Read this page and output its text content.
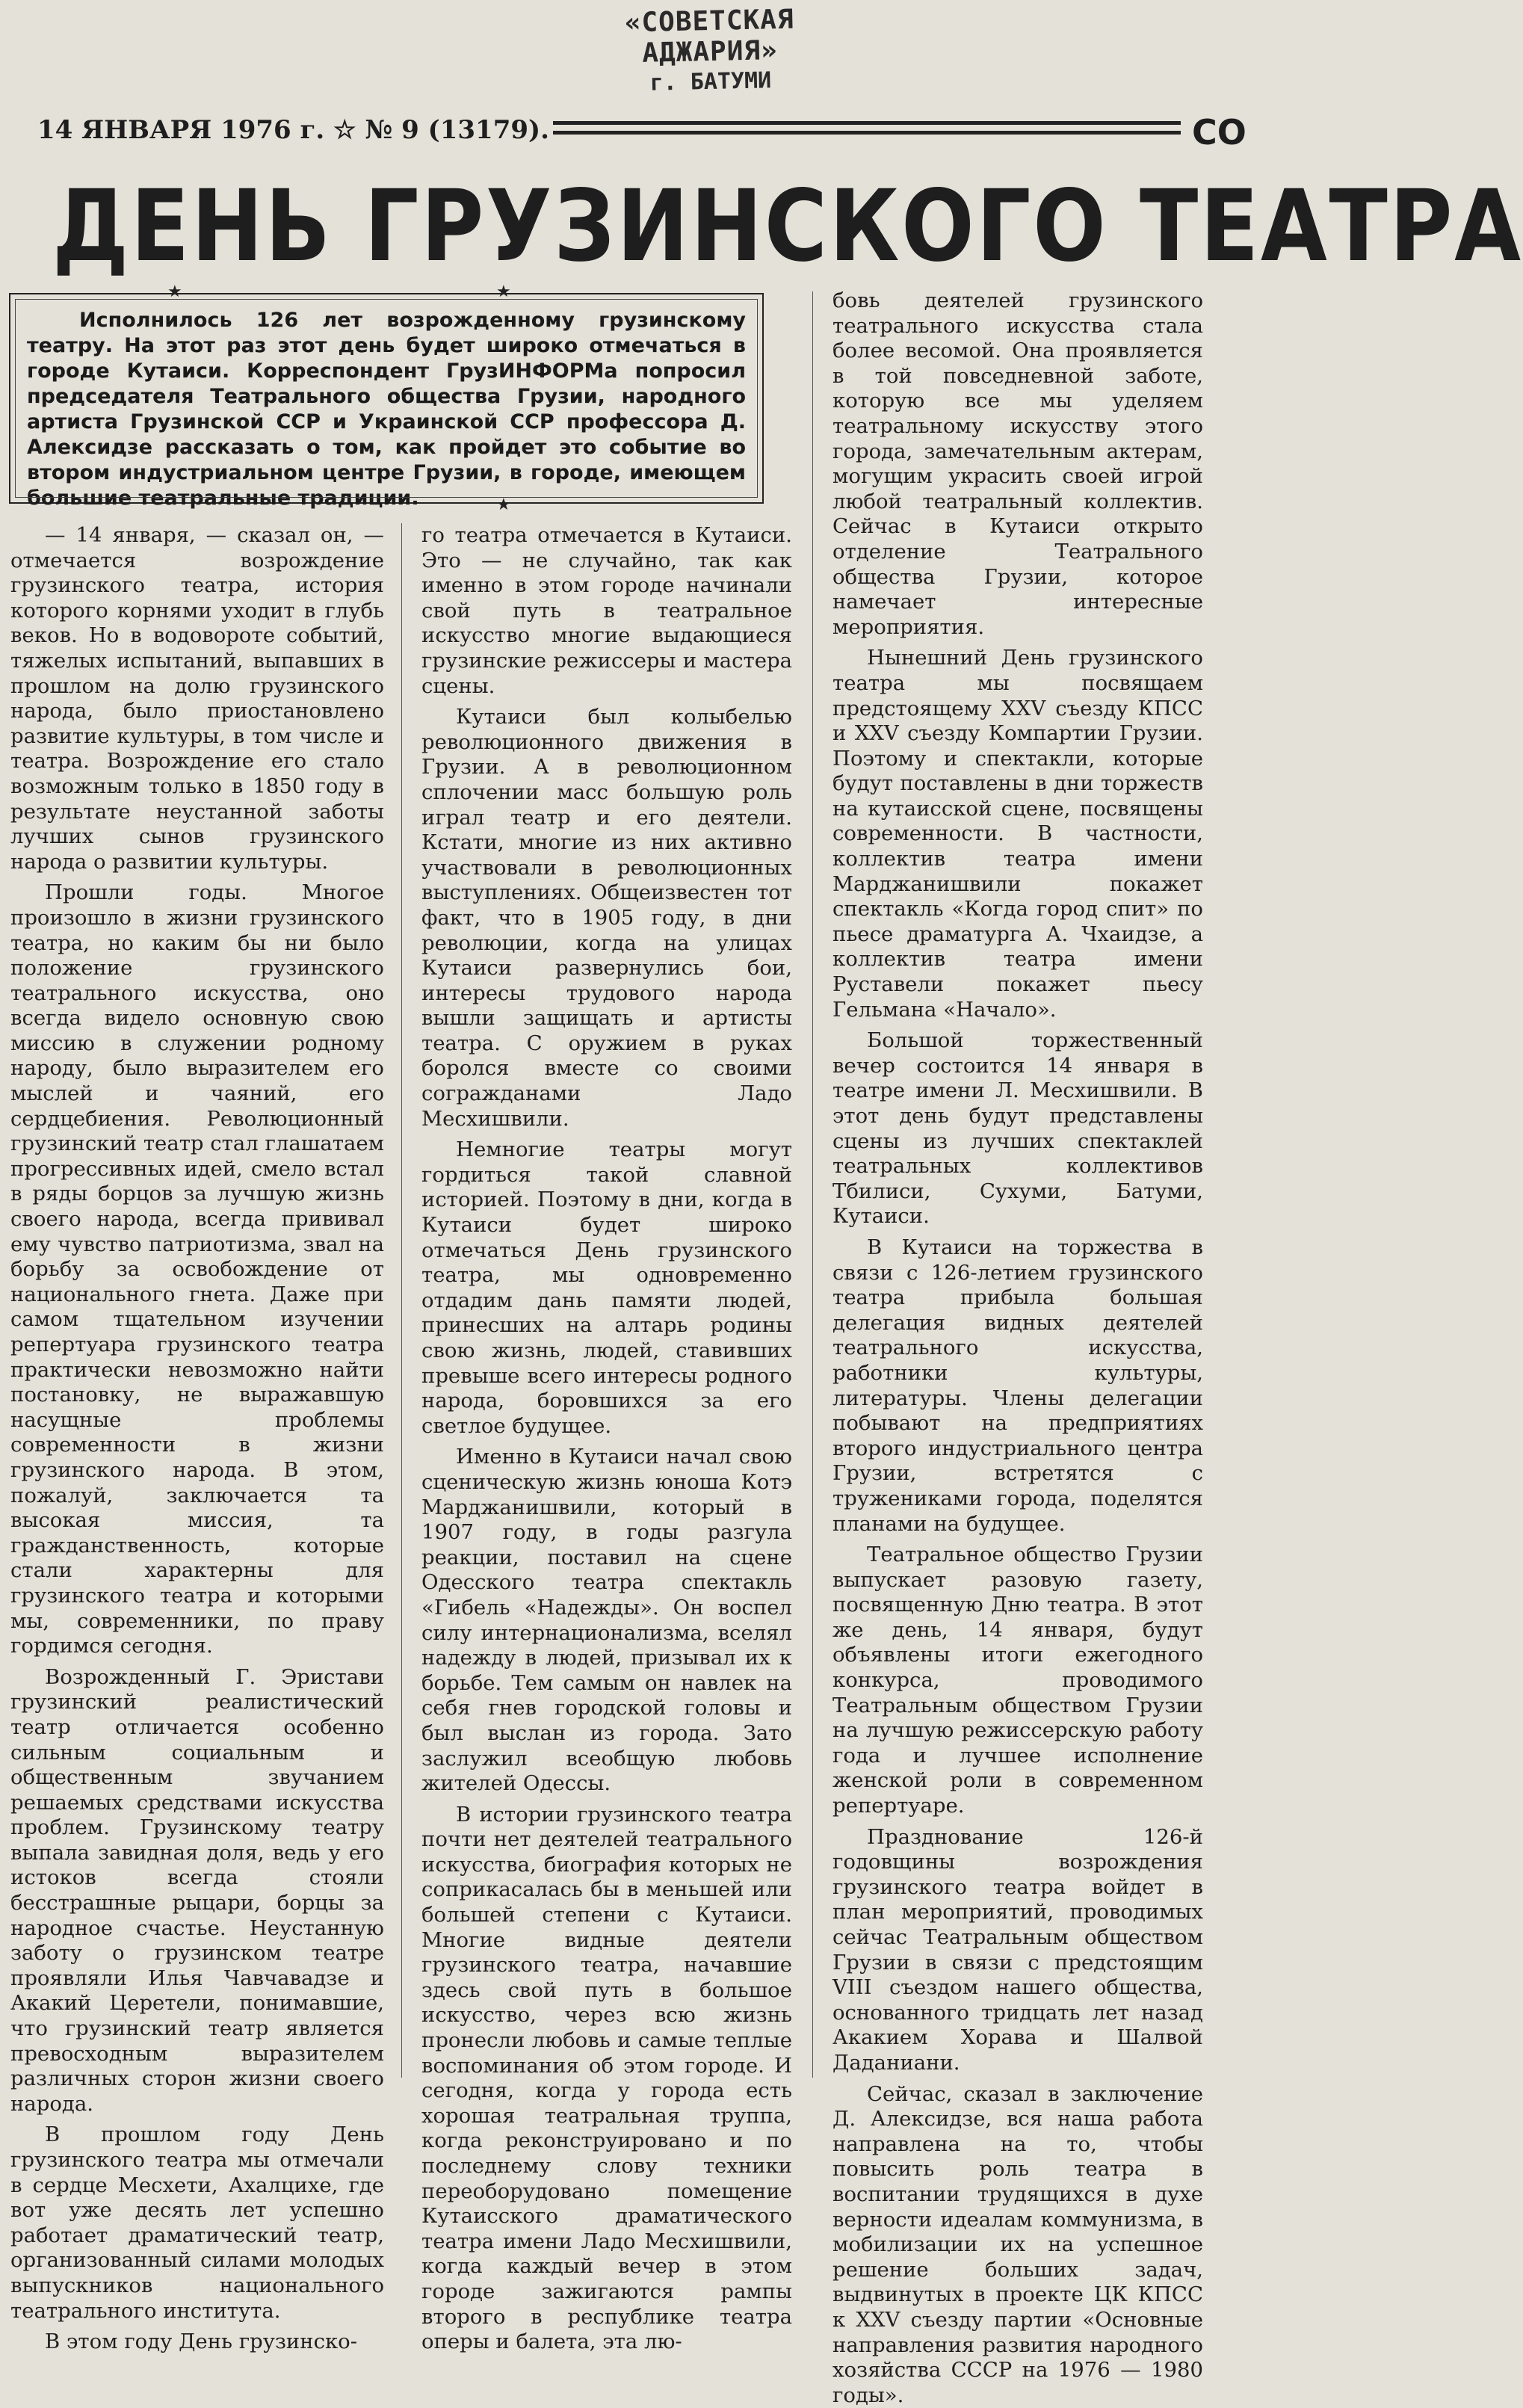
«СОВЕТСКАЯ АДЖАРИЯ»
г. БАТУМИ
14 ЯНВАРЯ 1976 г. ☆ № 9 (13179).	СО
ДЕНЬ ГРУЗИНСКОГО ТЕАТРА
★	★
★

Исполнилось 126 лет возрожденному грузинскому театру. На этот раз этот день будет широко отмечаться в городе Кутаиси. Корреспондент ГрузИНФОРМа попросил председателя Театрального общества Грузии, народного артиста Грузинской ССР и Украинской ССР профессора Д. Алексидзе рассказать о том, как пройдет это событие во втором индустриальном центре Грузии, в городе, имеющем большие театральные традиции.

— 14 января, — сказал он, — отмечается возрождение грузинского театра, история которого корнями уходит в глубь веков. Но в водовороте событий, тяжелых испытаний, выпавших в прошлом на долю грузинского народа, было приостановлено развитие культуры, в том числе и театра. Возрождение его стало возможным только в 1850 году в результате неустанной заботы лучших сынов грузинского народа о развитии культуры.

Прошли годы. Многое произошло в жизни грузинского театра, но каким бы ни было положение грузинского театрального искусства, оно всегда видело основную свою миссию в служении родному народу, было выразителем его мыслей и чаяний, его сердцебиения. Революционный грузинский театр стал глашатаем прогрессивных идей, смело встал в ряды борцов за лучшую жизнь своего народа, всегда прививал ему чувство патриотизма, звал на борьбу за освобождение от национального гнета. Даже при самом тщательном изучении репертуара грузинского театра практически невозможно найти постановку, не выражавшую насущные проблемы современности в жизни грузинского народа. В этом, пожалуй, заключается та высокая миссия, та гражданственность, которые стали характерны для грузинского театра и которыми мы, современники, по праву гордимся сегодня.

Возрожденный Г. Эристави грузинский реалистический театр отличается особенно сильным социальным и общественным звучанием решаемых средствами искусства проблем. Грузинскому театру выпала завидная доля, ведь у его истоков всегда стояли бесстрашные рыцари, борцы за народное счастье. Неустанную заботу о грузинском театре проявляли Илья Чавчавадзе и Акакий Церетели, понимавшие, что грузинский театр является превосходным выразителем различных сторон жизни своего народа.

В прошлом году День грузинского театра мы отмечали в сердце Месхети, Ахалцихе, где вот уже десять лет успешно работает драматический театр, организованный силами молодых выпускников национального театрального института.

В этом году День грузинско-

го театра отмечается в Кутаиси. Это — не случайно, так как именно в этом городе начинали свой путь в театральное искусство многие выдающиеся грузинские режиссеры и мастера сцены.

Кутаиси был колыбелью революционного движения в Грузии. А в революционном сплочении масс большую роль играл театр и его деятели. Кстати, многие из них активно участвовали в революционных выступлениях. Общеизвестен тот факт, что в 1905 году, в дни революции, когда на улицах Кутаиси развернулись бои, интересы трудового народа вышли защищать и артисты театра. С оружием в руках боролся вместе со своими согражданами Ладо Месхишвили.

Немногие театры могут гордиться такой славной историей. Поэтому в дни, когда в Кутаиси будет широко отмечаться День грузинского театра, мы одновременно отдадим дань памяти людей, принесших на алтарь родины свою жизнь, людей, ставивших превыше всего интересы родного народа, боровшихся за его светлое будущее.

Именно в Кутаиси начал свою сценическую жизнь юноша Котэ Марджанишвили, который в 1907 году, в годы разгула реакции, поставил на сцене Одесского театра спектакль «Гибель «Надежды». Он воспел силу интернационализма, вселял надежду в людей, призывал их к борьбе. Тем самым он навлек на себя гнев городской головы и был выслан из города. Зато заслужил всеобщую любовь жителей Одессы.

В истории грузинского театра почти нет деятелей театрального искусства, биография которых не соприкасалась бы в меньшей или большей степени с Кутаиси. Многие видные деятели грузинского театра, начавшие здесь свой путь в большое искусство, через всю жизнь пронесли любовь и самые теплые воспоминания об этом городе. И сегодня, когда у города есть хорошая театральная труппа, когда реконструировано и по последнему слову техники переоборудовано помещение Кутаисского драматического театра имени Ладо Месхишвили, когда каждый вечер в этом городе зажигаются рампы второго в республике театра оперы и балета, эта лю-

бовь деятелей грузинского театрального искусства стала более весомой. Она проявляется в той повседневной заботе, которую все мы уделяем театральному искусству этого города, замечательным актерам, могущим украсить своей игрой любой театральный коллектив. Сейчас в Кутаиси открыто отделение Театрального общества Грузии, которое намечает интересные мероприятия.

Нынешний День грузинского театра мы посвящаем предстоящему XXV съезду КПСС и XXV съезду Компартии Грузии. Поэтому и спектакли, которые будут поставлены в дни торжеств на кутаисской сцене, посвящены современности. В частности, коллектив театра имени Марджанишвили покажет спектакль «Когда город спит» по пьесе драматурга А. Чхаидзе, а коллектив театра имени Руставели покажет пьесу Гельмана «Начало».

Большой торжественный вечер состоится 14 января в театре имени Л. Месхишвили. В этот день будут представлены сцены из лучших спектаклей театральных коллективов Тбилиси, Сухуми, Батуми, Кутаиси.

В Кутаиси на торжества в связи с 126-летием грузинского театра прибыла большая делегация видных деятелей театрального искусства, работники культуры, литературы. Члены делегации побывают на предприятиях второго индустриального центра Грузии, встретятся с тружениками города, поделятся планами на будущее.

Театральное общество Грузии выпускает разовую газету, посвященную Дню театра. В этот же день, 14 января, будут объявлены итоги ежегодного конкурса, проводимого Театральным обществом Грузии на лучшую режиссерскую работу года и лучшее исполнение женской роли в современном репертуаре.

Празднование 126-й годовщины возрождения грузинского театра войдет в план мероприятий, проводимых сейчас Театральным обществом Грузии в связи с предстоящим VIII съездом нашего общества, основанного тридцать лет назад Акакием Хорава и Шалвой Даданиани.

Сейчас, сказал в заключение Д. Алексидзе, вся наша работа направлена на то, чтобы повысить роль театра в воспитании трудящихся в духе верности идеалам коммунизма, в мобилизации их на успешное решение больших задач, выдвинутых в проекте ЦК КПСС к XXV съезду партии «Основные направления развития народного хозяйства СССР на 1976 — 1980 годы».
